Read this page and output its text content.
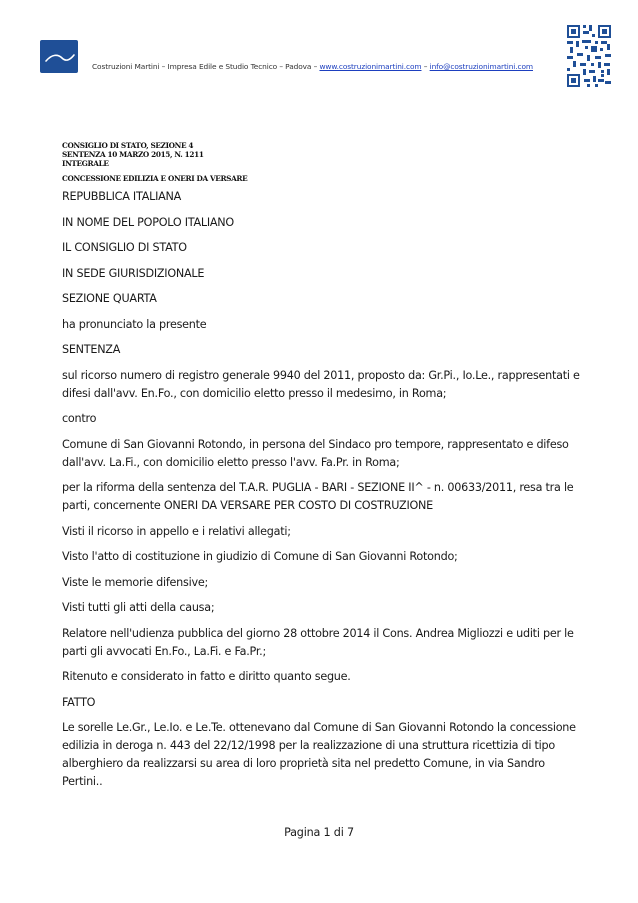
Costruzioni Martini – Impresa Edile e Studio Tecnico – Padova – www.costruzionimartini.com – info@costruzionimartini.com
CONSIGLIO DI STATO, SEZIONE 4
SENTENZA 10 MARZO 2015, N. 1211
INTEGRALE
CONCESSIONE EDILIZIA E ONERI DA VERSARE

REPUBBLICA ITALIANA

IN NOME DEL POPOLO ITALIANO

IL CONSIGLIO DI STATO

IN SEDE GIURISDIZIONALE

SEZIONE QUARTA

ha pronunciato la presente

SENTENZA

sul ricorso numero di registro generale 9940 del 2011, proposto da: Gr.Pi., Io.Le., rappresentati e difesi dall'avv. En.Fo., con domicilio eletto presso il medesimo, in Roma;

contro

Comune di San Giovanni Rotondo, in persona del Sindaco pro tempore, rappresentato e difeso dall'avv. La.Fi., con domicilio eletto presso l'avv. Fa.Pr. in Roma;

per la riforma della sentenza del T.A.R. PUGLIA - BARI - SEZIONE II^ - n. 00633/2011, resa tra le parti, concernente ONERI DA VERSARE PER COSTO DI COSTRUZIONE

Visti il ricorso in appello e i relativi allegati;

Visto l'atto di costituzione in giudizio di Comune di San Giovanni Rotondo;

Viste le memorie difensive;

Visti tutti gli atti della causa;

Relatore nell'udienza pubblica del giorno 28 ottobre 2014 il Cons. Andrea Migliozzi e uditi per le parti gli avvocati En.Fo., La.Fi. e Fa.Pr.;

Ritenuto e considerato in fatto e diritto quanto segue.

FATTO

Le sorelle Le.Gr., Le.Io. e Le.Te. ottenevano dal Comune di San Giovanni Rotondo la concessione edilizia in deroga n. 443 del 22/12/1998 per la realizzazione di una struttura ricettizia di tipo alberghiero da realizzarsi su area di loro proprietà sita nel predetto Comune, in via Sandro Pertini..

Pagina 1 di 7
